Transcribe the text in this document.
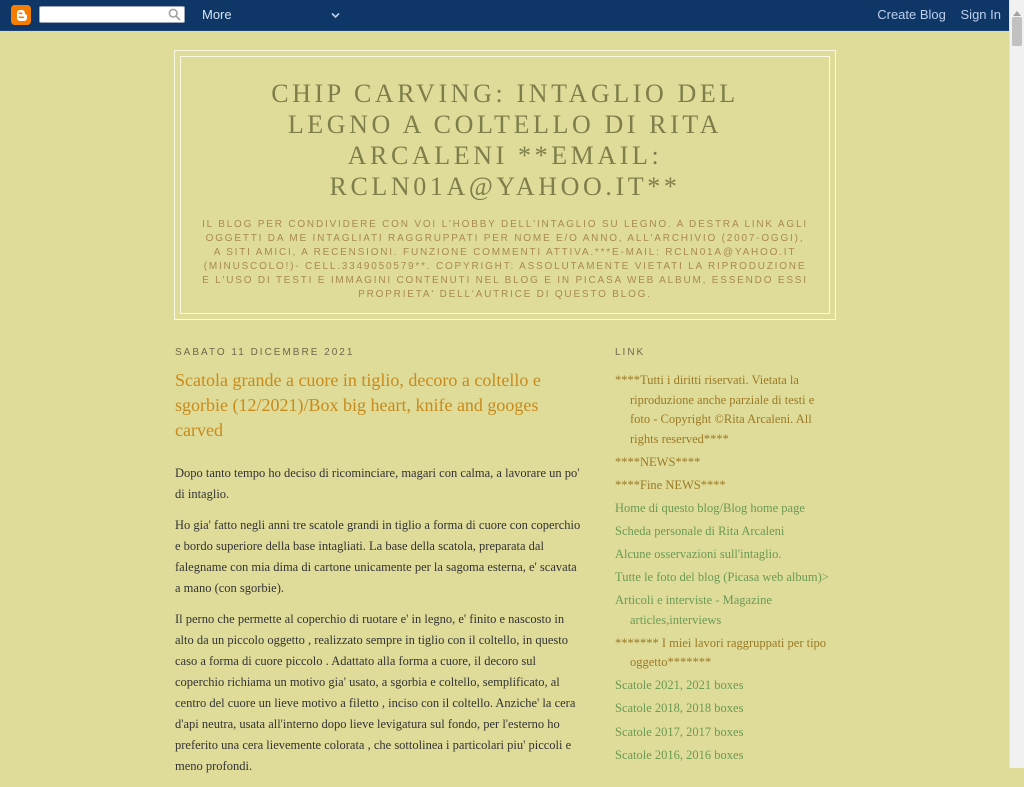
More	Create Blog Sign In
CHIP CARVING: INTAGLIO DEL LEGNO A COLTELLO DI RITA ARCALENI **EMAIL: RCLN01A@YAHOO.IT**
IL BLOG PER CONDIVIDERE CON VOI L'HOBBY DELL'INTAGLIO SU LEGNO. A DESTRA LINK AGLI OGGETTI DA ME INTAGLIATI RAGGRUPPATI PER NOME E/O ANNO, ALL'ARCHIVIO (2007-OGGI), A SITI AMICI, A RECENSIONI. FUNZIONE COMMENTI ATTIVA.***E-MAIL: RCLN01A@YAHOO.IT (MINUSCOLO!)- CELL.3349050579**. COPYRIGHT: ASSOLUTAMENTE VIETATI LA RIPRODUZIONE E L'USO DI TESTI E IMMAGINI CONTENUTI NEL BLOG E IN PICASA WEB ALBUM, ESSENDO ESSI PROPRIETA' DELL'AUTRICE DI QUESTO BLOG.
SABATO 11 DICEMBRE 2021
Scatola grande a cuore in tiglio, decoro a coltello e sgorbie (12/2021)/Box big heart, knife and googes carved

Dopo tanto tempo ho deciso di ricominciare, magari con calma, a lavorare un po' di intaglio.

Ho gia' fatto negli anni tre scatole grandi in tiglio a forma di cuore con coperchio e bordo superiore della base intagliati. La base della scatola, preparata dal falegname con mia dima di cartone unicamente per la sagoma esterna, e' scavata a mano (con sgorbie).

Il perno che permette al coperchio di ruotare e' in legno, e' finito e nascosto in alto da un piccolo oggetto , realizzato sempre in tiglio con il coltello, in questo caso a forma di cuore piccolo . Adattato alla forma a cuore, il decoro sul coperchio richiama un motivo gia' usato, a sgorbia e coltello, semplificato, al centro del cuore un lieve motivo a filetto , inciso con il coltello. Anziche' la cera d'api neutra, usata all'interno dopo lieve levigatura sul fondo, per l'esterno ho preferito una cera lievemente colorata , che sottolinea i particolari piu' piccoli e meno profondi.

LINK
****Tutti i diritti riservati. Vietata la riproduzione anche parziale di testi e foto - Copyright ©Rita Arcaleni. All rights reserved****
****NEWS****
****Fine NEWS****
Home di questo blog/Blog home page
Scheda personale di Rita Arcaleni
Alcune osservazioni sull'intaglio.
Tutte le foto del blog (Picasa web album)>
Articoli e interviste - Magazine articles,interviews
******* I miei lavori raggruppati per tipo oggetto*******
Scatole 2021, 2021 boxes
Scatole 2018, 2018 boxes
Scatole 2017, 2017 boxes
Scatole 2016, 2016 boxes
